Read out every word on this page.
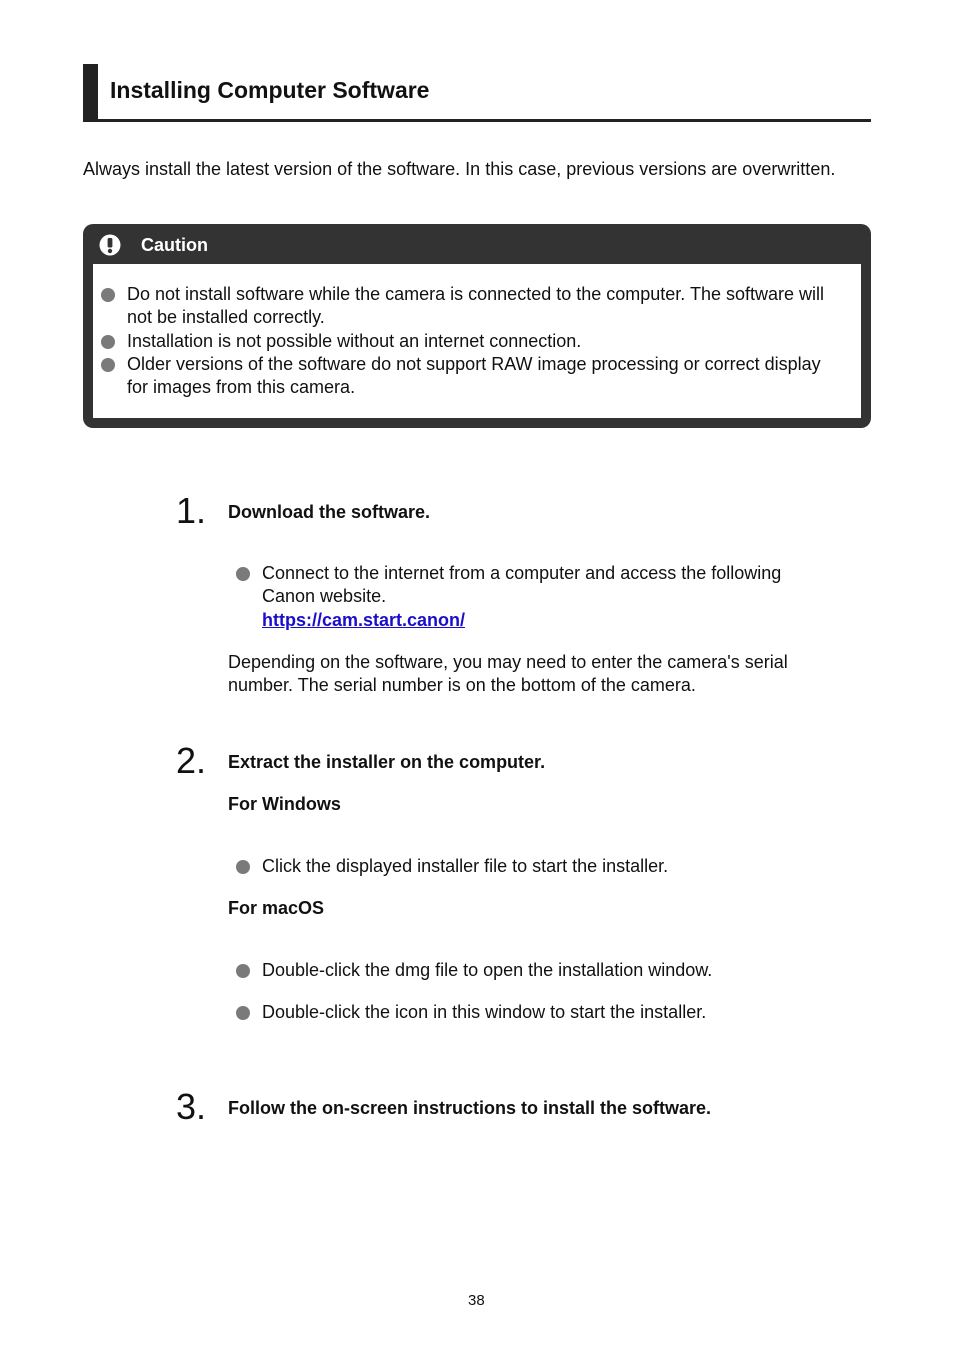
Installing Computer Software
Always install the latest version of the software. In this case, previous versions are overwritten.
Caution
Do not install software while the camera is connected to the computer. The software will not be installed correctly.
Installation is not possible without an internet connection.
Older versions of the software do not support RAW image processing or correct display for images from this camera.
1. Download the software.
Connect to the internet from a computer and access the following Canon website.
https://cam.start.canon/
Depending on the software, you may need to enter the camera's serial number. The serial number is on the bottom of the camera.
2. Extract the installer on the computer.
For Windows
Click the displayed installer file to start the installer.
For macOS
Double-click the dmg file to open the installation window.
Double-click the icon in this window to start the installer.
3. Follow the on-screen instructions to install the software.
38
